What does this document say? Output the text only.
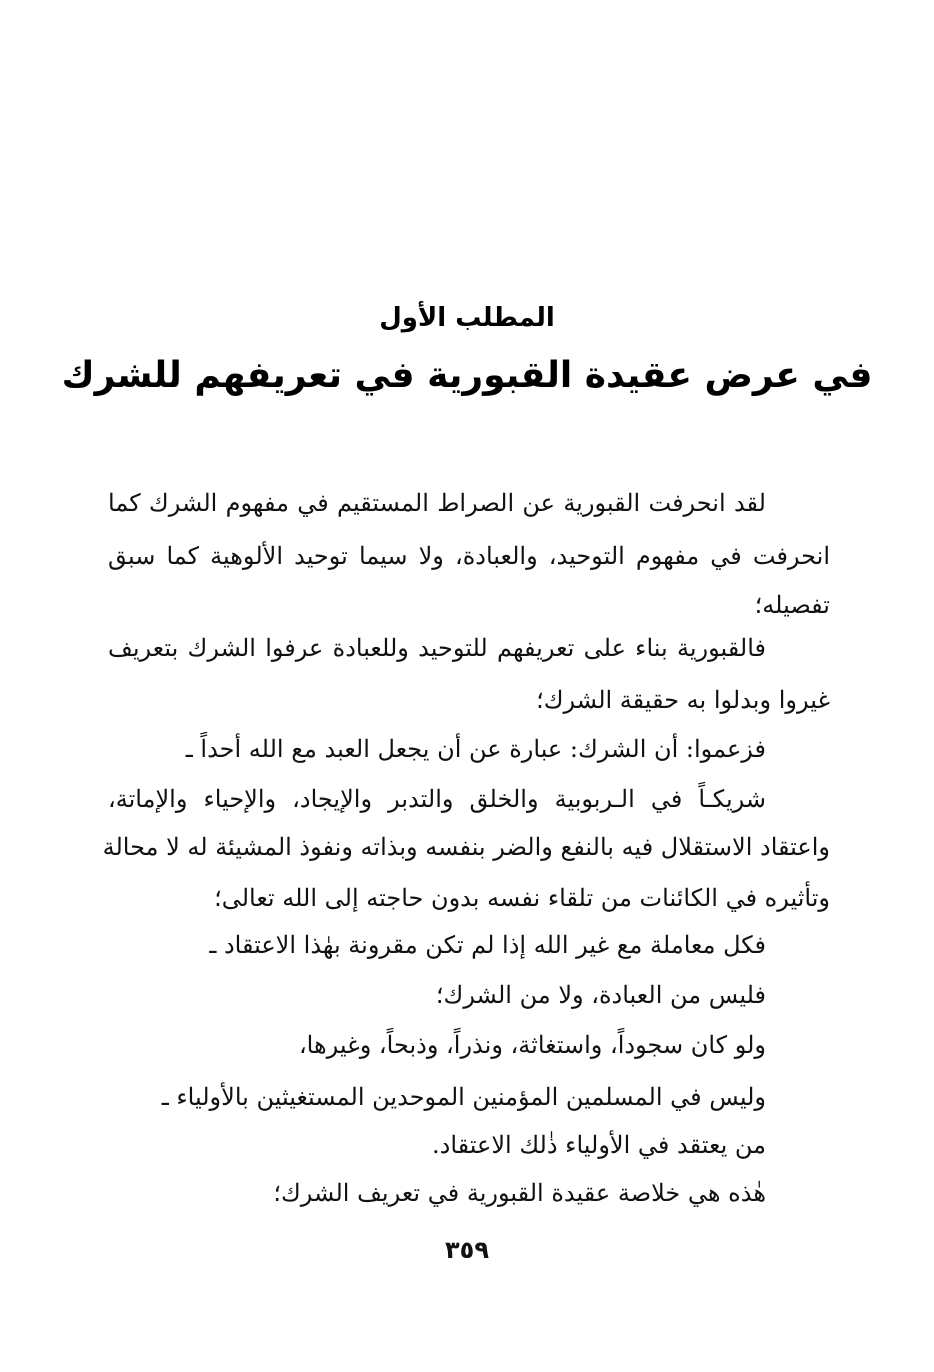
المطلب الأول
في عرض عقيدة القبورية في تعريفهم للشرك
لقد انحرفت القبورية عن الصراط المستقيم في مفهوم الشرك كما
انحرفت في مفهوم التوحيد، والعبادة، ولا سيما توحيد الألوهية كما سبق
تفصيله؛
فالقبورية بناء على تعريفهم للتوحيد وللعبادة عرفوا الشرك بتعريف
غيروا وبدلوا به حقيقة الشرك؛
فزعموا: أن الشرك: عبارة عن أن يجعل العبد مع الله أحداً ـ
شريكـاً في الـربوبية والخلق والتدبر والإيجاد، والإحياء والإماتة،
واعتقاد الاستقلال فيه بالنفع والضر بنفسه وبذاته ونفوذ المشيئة له لا محالة
وتأثيره في الكائنات من تلقاء نفسه بدون حاجته إلى الله تعالى؛
فكل معاملة مع غير الله إذا لم تكن مقرونة بهٰذا الاعتقاد ـ
فليس من العبادة، ولا من الشرك؛
ولو كان سجوداً، واستغاثة، ونذراً، وذبحاً، وغيرها،
وليس في المسلمين المؤمنين الموحدين المستغيثين بالأولياء ـ
من يعتقد في الأولياء ذٰلك الاعتقاد.
هٰذه هي خلاصة عقيدة القبورية في تعريف الشرك؛
٣٥٩
